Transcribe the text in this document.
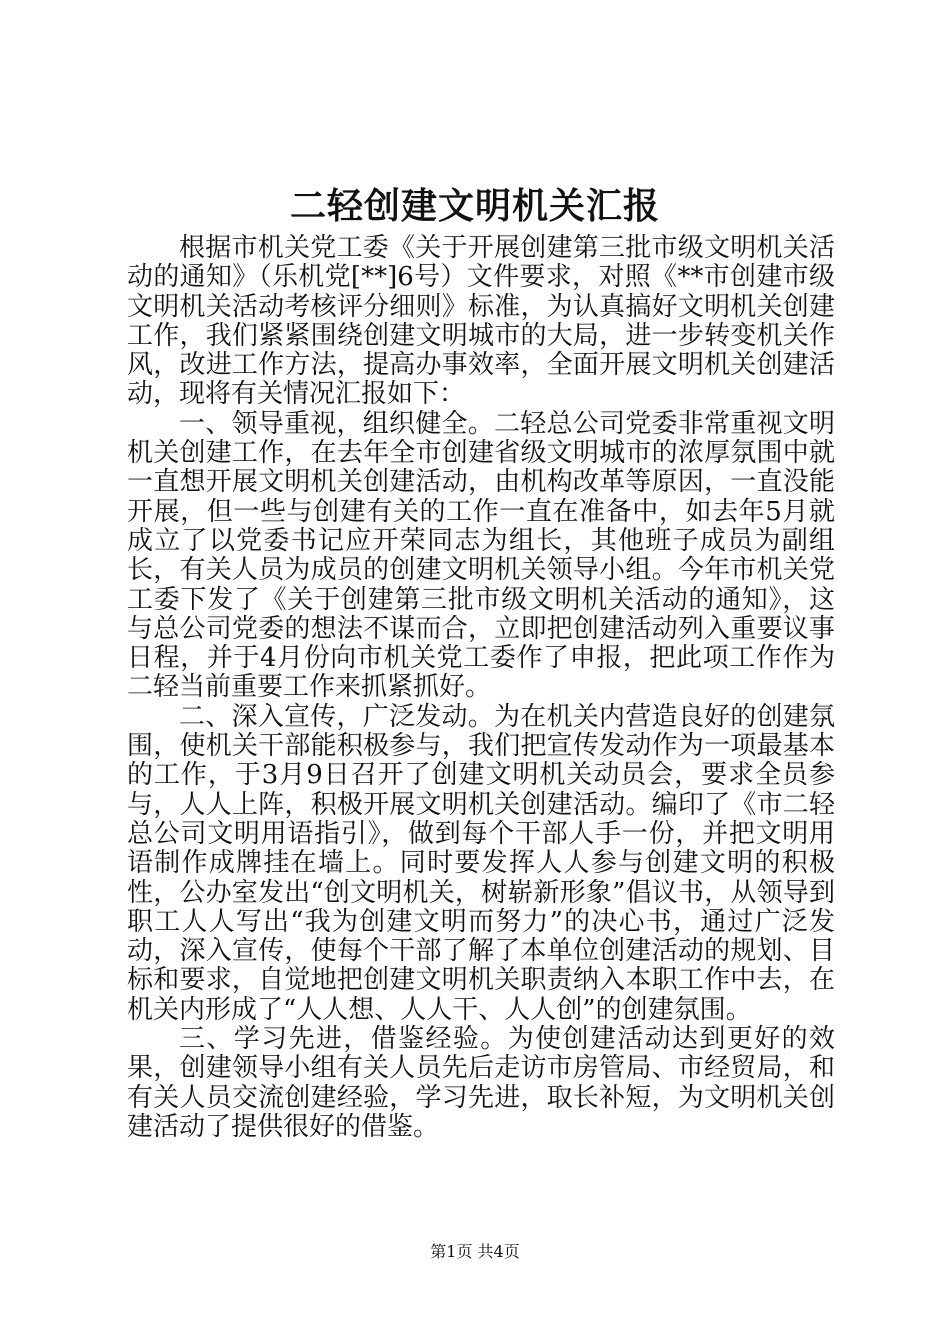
二轻创建文明机关汇报

根据市机关党工委《关于开展创建第三批市级文明机关活动的通知》（乐机党[**]6号）文件要求，对照《**市创建市级文明机关活动考核评分细则》标准，为认真搞好文明机关创建工作，我们紧紧围绕创建文明城市的大局，进一步转变机关作风，改进工作方法，提高办事效率，全面开展文明机关创建活动，现将有关情况汇报如下：

一、领导重视，组织健全。二轻总公司党委非常重视文明机关创建工作，在去年全市创建省级文明城市的浓厚氛围中就一直想开展文明机关创建活动，由机构改革等原因，一直没能开展，但一些与创建有关的工作一直在准备中，如去年5月就成立了以党委书记应开荣同志为组长，其他班子成员为副组长，有关人员为成员的创建文明机关领导小组。今年市机关党工委下发了《关于创建第三批市级文明机关活动的通知》，这与总公司党委的想法不谋而合，立即把创建活动列入重要议事日程，并于4月份向市机关党工委作了申报，把此项工作作为二轻当前重要工作来抓紧抓好。

二、深入宣传，广泛发动。为在机关内营造良好的创建氛围，使机关干部能积极参与，我们把宣传发动作为一项最基本的工作，于3月9日召开了创建文明机关动员会，要求全员参与，人人上阵，积极开展文明机关创建活动。编印了《市二轻总公司文明用语指引》，做到每个干部人手一份，并把文明用语制作成牌挂在墙上。同时要发挥人人参与创建文明的积极性，公办室发出“创文明机关，树崭新形象”倡议书，从领导到职工人人写出“我为创建文明而努力”的决心书，通过广泛发动，深入宣传，使每个干部了解了本单位创建活动的规划、目标和要求，自觉地把创建文明机关职责纳入本职工作中去，在机关内形成了“人人想、人人干、人人创”的创建氛围。

三、学习先进，借鉴经验。为使创建活动达到更好的效果，创建领导小组有关人员先后走访市房管局、市经贸局，和有关人员交流创建经验，学习先进，取长补短，为文明机关创建活动了提供很好的借鉴。

第1页 共4页
